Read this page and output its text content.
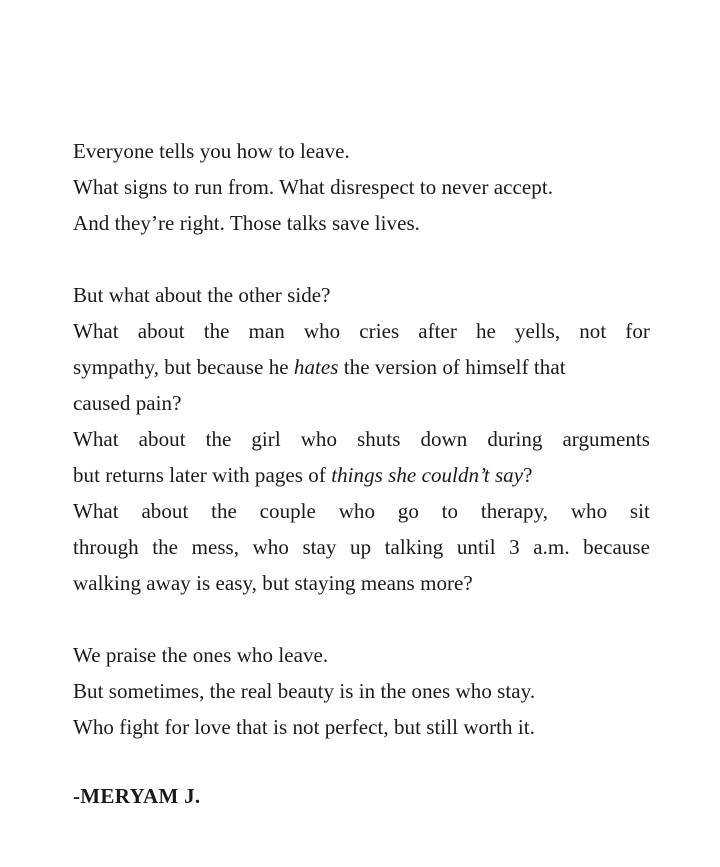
Everyone tells you how to leave.
What signs to run from. What disrespect to never accept.
And they’re right. Those talks save lives.
But what about the other side?
What about the man who cries after he yells, not for
sympathy, but because he hates the version of himself that
caused pain?
What about the girl who shuts down during arguments
but returns later with pages of things she couldn’t say?
What about the couple who go to therapy, who sit
through the mess, who stay up talking until 3 a.m. because
walking away is easy, but staying means more?
We praise the ones who leave.
But sometimes, the real beauty is in the ones who stay.
Who fight for love that is not perfect, but still worth it.
-MERYAM J.
